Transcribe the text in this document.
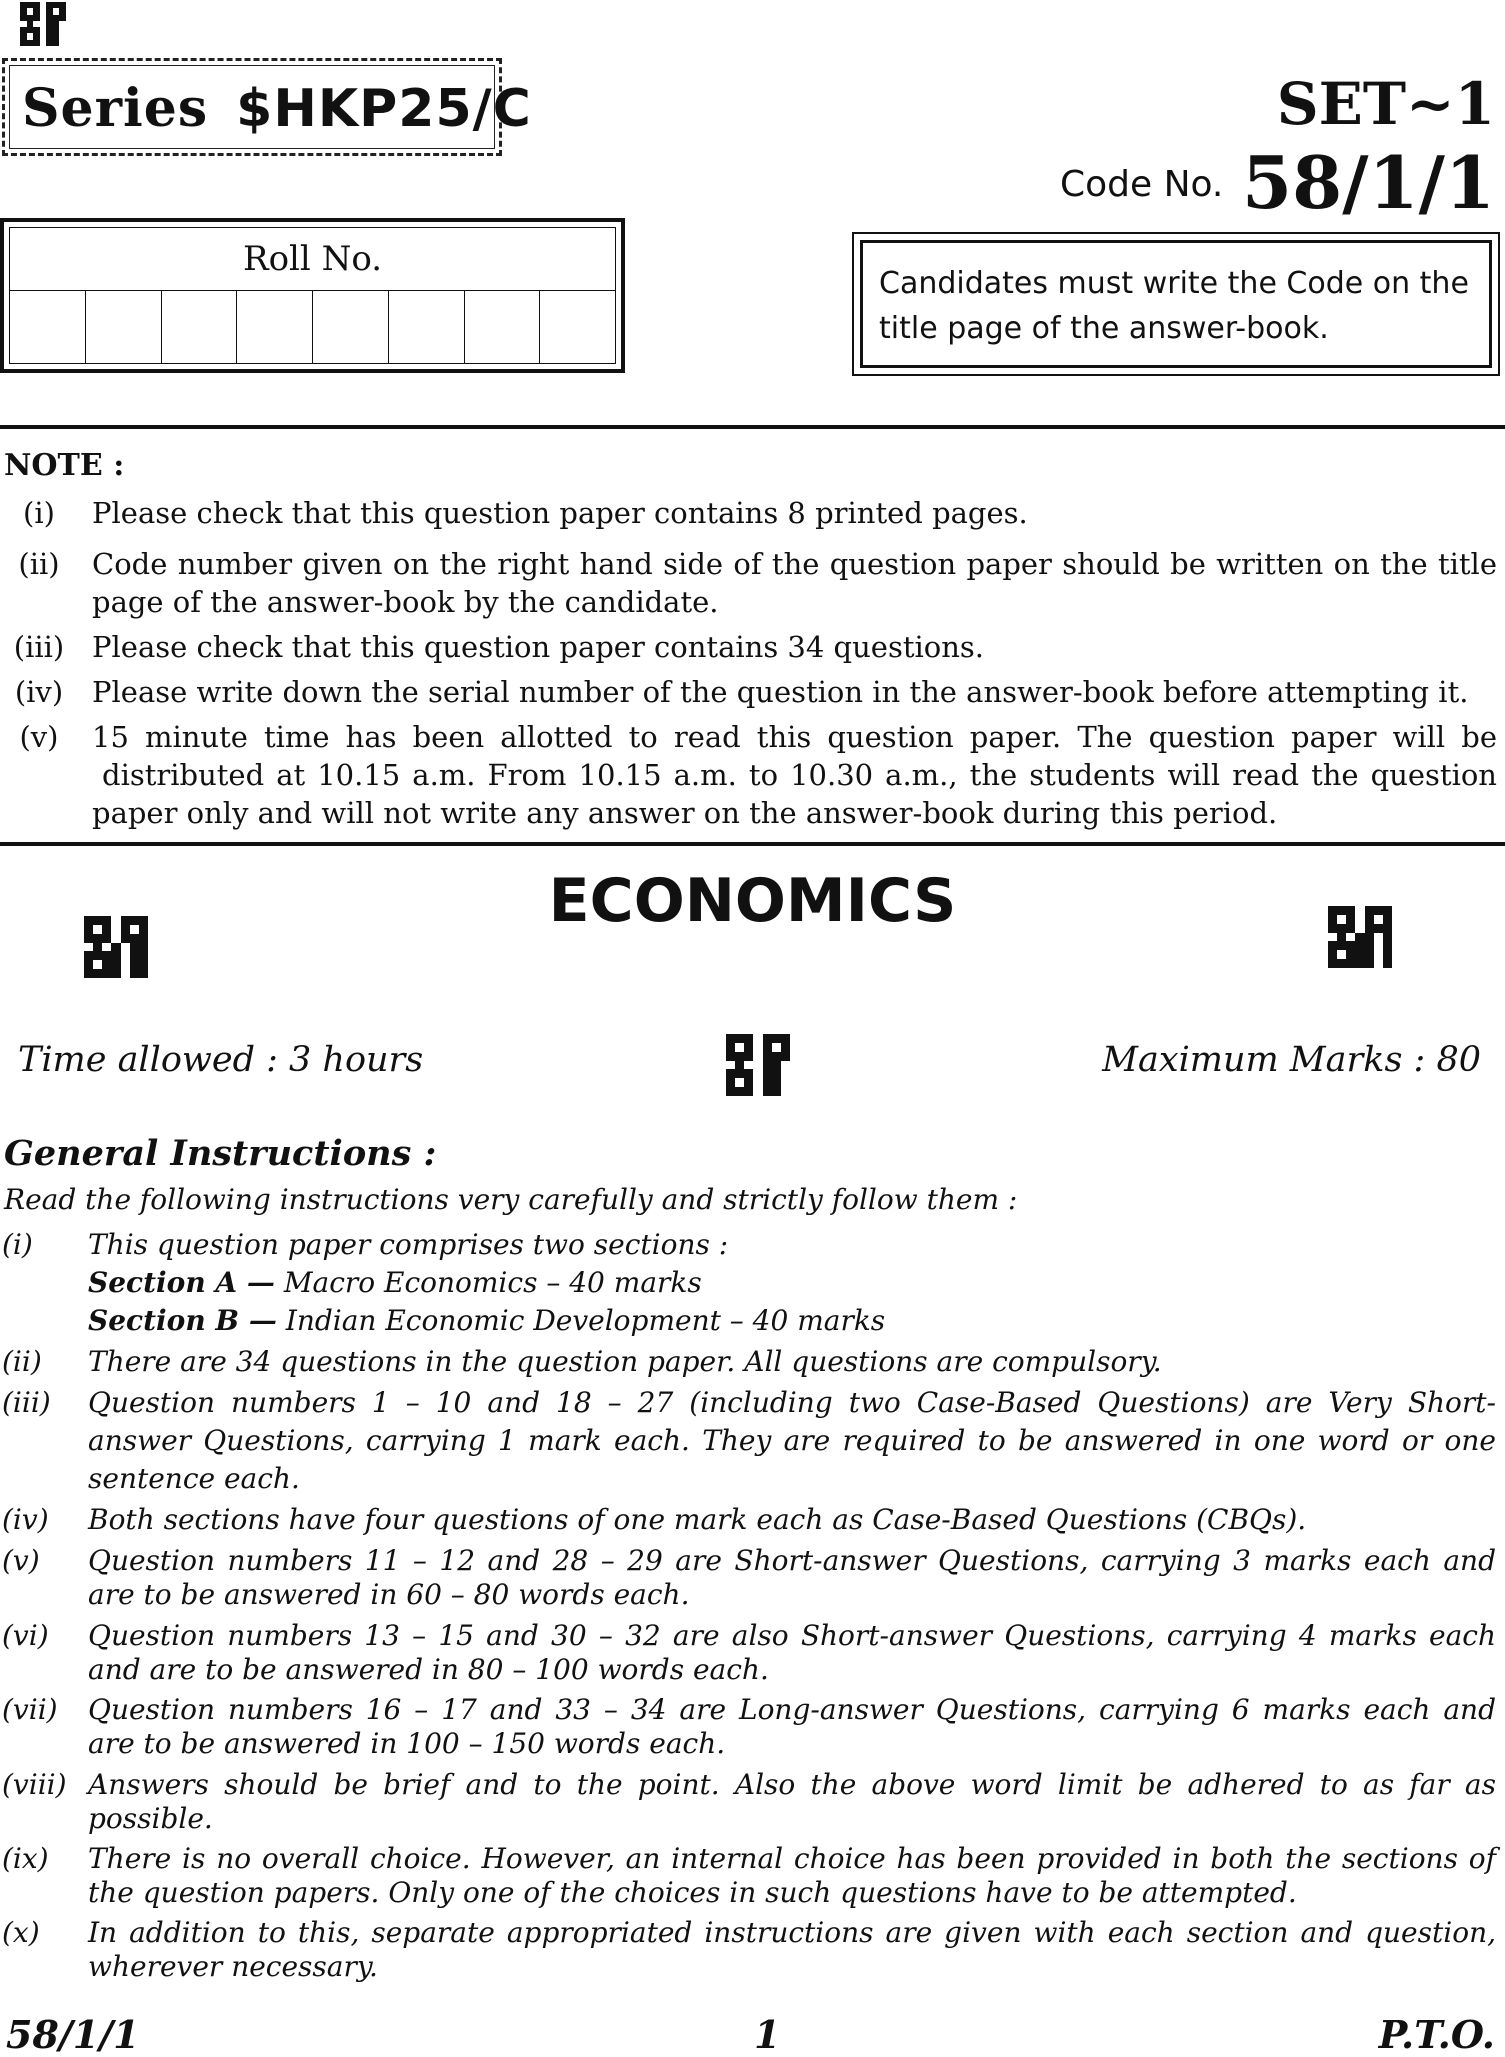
Series $HKP25/C	SET~1
Code No. 58/1/1
Roll No.
Candidates must write the Code on the title page of the answer-book.
NOTE :
(i)	Please check that this question paper contains 8 printed pages.
(ii)	Code number given on the right hand side of the question paper should be written on the title
page of the answer-book by the candidate.
(iii) Please check that this question paper contains 34 questions.
(iv) Please write down the serial number of the question in the answer-book before attempting it.
(v)	15 minute time has been allotted to read this question paper. The question paper will be
distributed at 10.15 a.m. From 10.15 a.m. to 10.30 a.m., the students will read the question
paper only and will not write any answer on the answer-book during this period.
ECONOMICS
Time allowed : 3 hours	Maximum Marks : 80
General Instructions :
Read the following instructions very carefully and strictly follow them :
(i) This question paper comprises two sections :
Section A — Macro Economics – 40 marks
Section B — Indian Economic Development – 40 marks
(ii) There are 34 questions in the question paper. All questions are compulsory.
(iii) Question numbers 1 – 10 and 18 – 27 (including two Case-Based Questions) are Very Short-
answer Questions, carrying 1 mark each. They are required to be answered in one word or one
sentence each.
(iv) Both sections have four questions of one mark each as Case-Based Questions (CBQs).
(v) Question numbers 11 – 12 and 28 – 29 are Short-answer Questions, carrying 3 marks each and
are to be answered in 60 – 80 words each.
(vi) Question numbers 13 – 15 and 30 – 32 are also Short-answer Questions, carrying 4 marks each
and are to be answered in 80 – 100 words each.
(vii) Question numbers 16 – 17 and 33 – 34 are Long-answer Questions, carrying 6 marks each and
are to be answered in 100 – 150 words each.
(viii) Answers should be brief and to the point. Also the above word limit be adhered to as far as
possible.
(ix) There is no overall choice. However, an internal choice has been provided in both the sections of
the question papers. Only one of the choices in such questions have to be attempted.
(x) In addition to this, separate appropriated instructions are given with each section and question,
wherever necessary.
58/1/1	1	P.T.O.
